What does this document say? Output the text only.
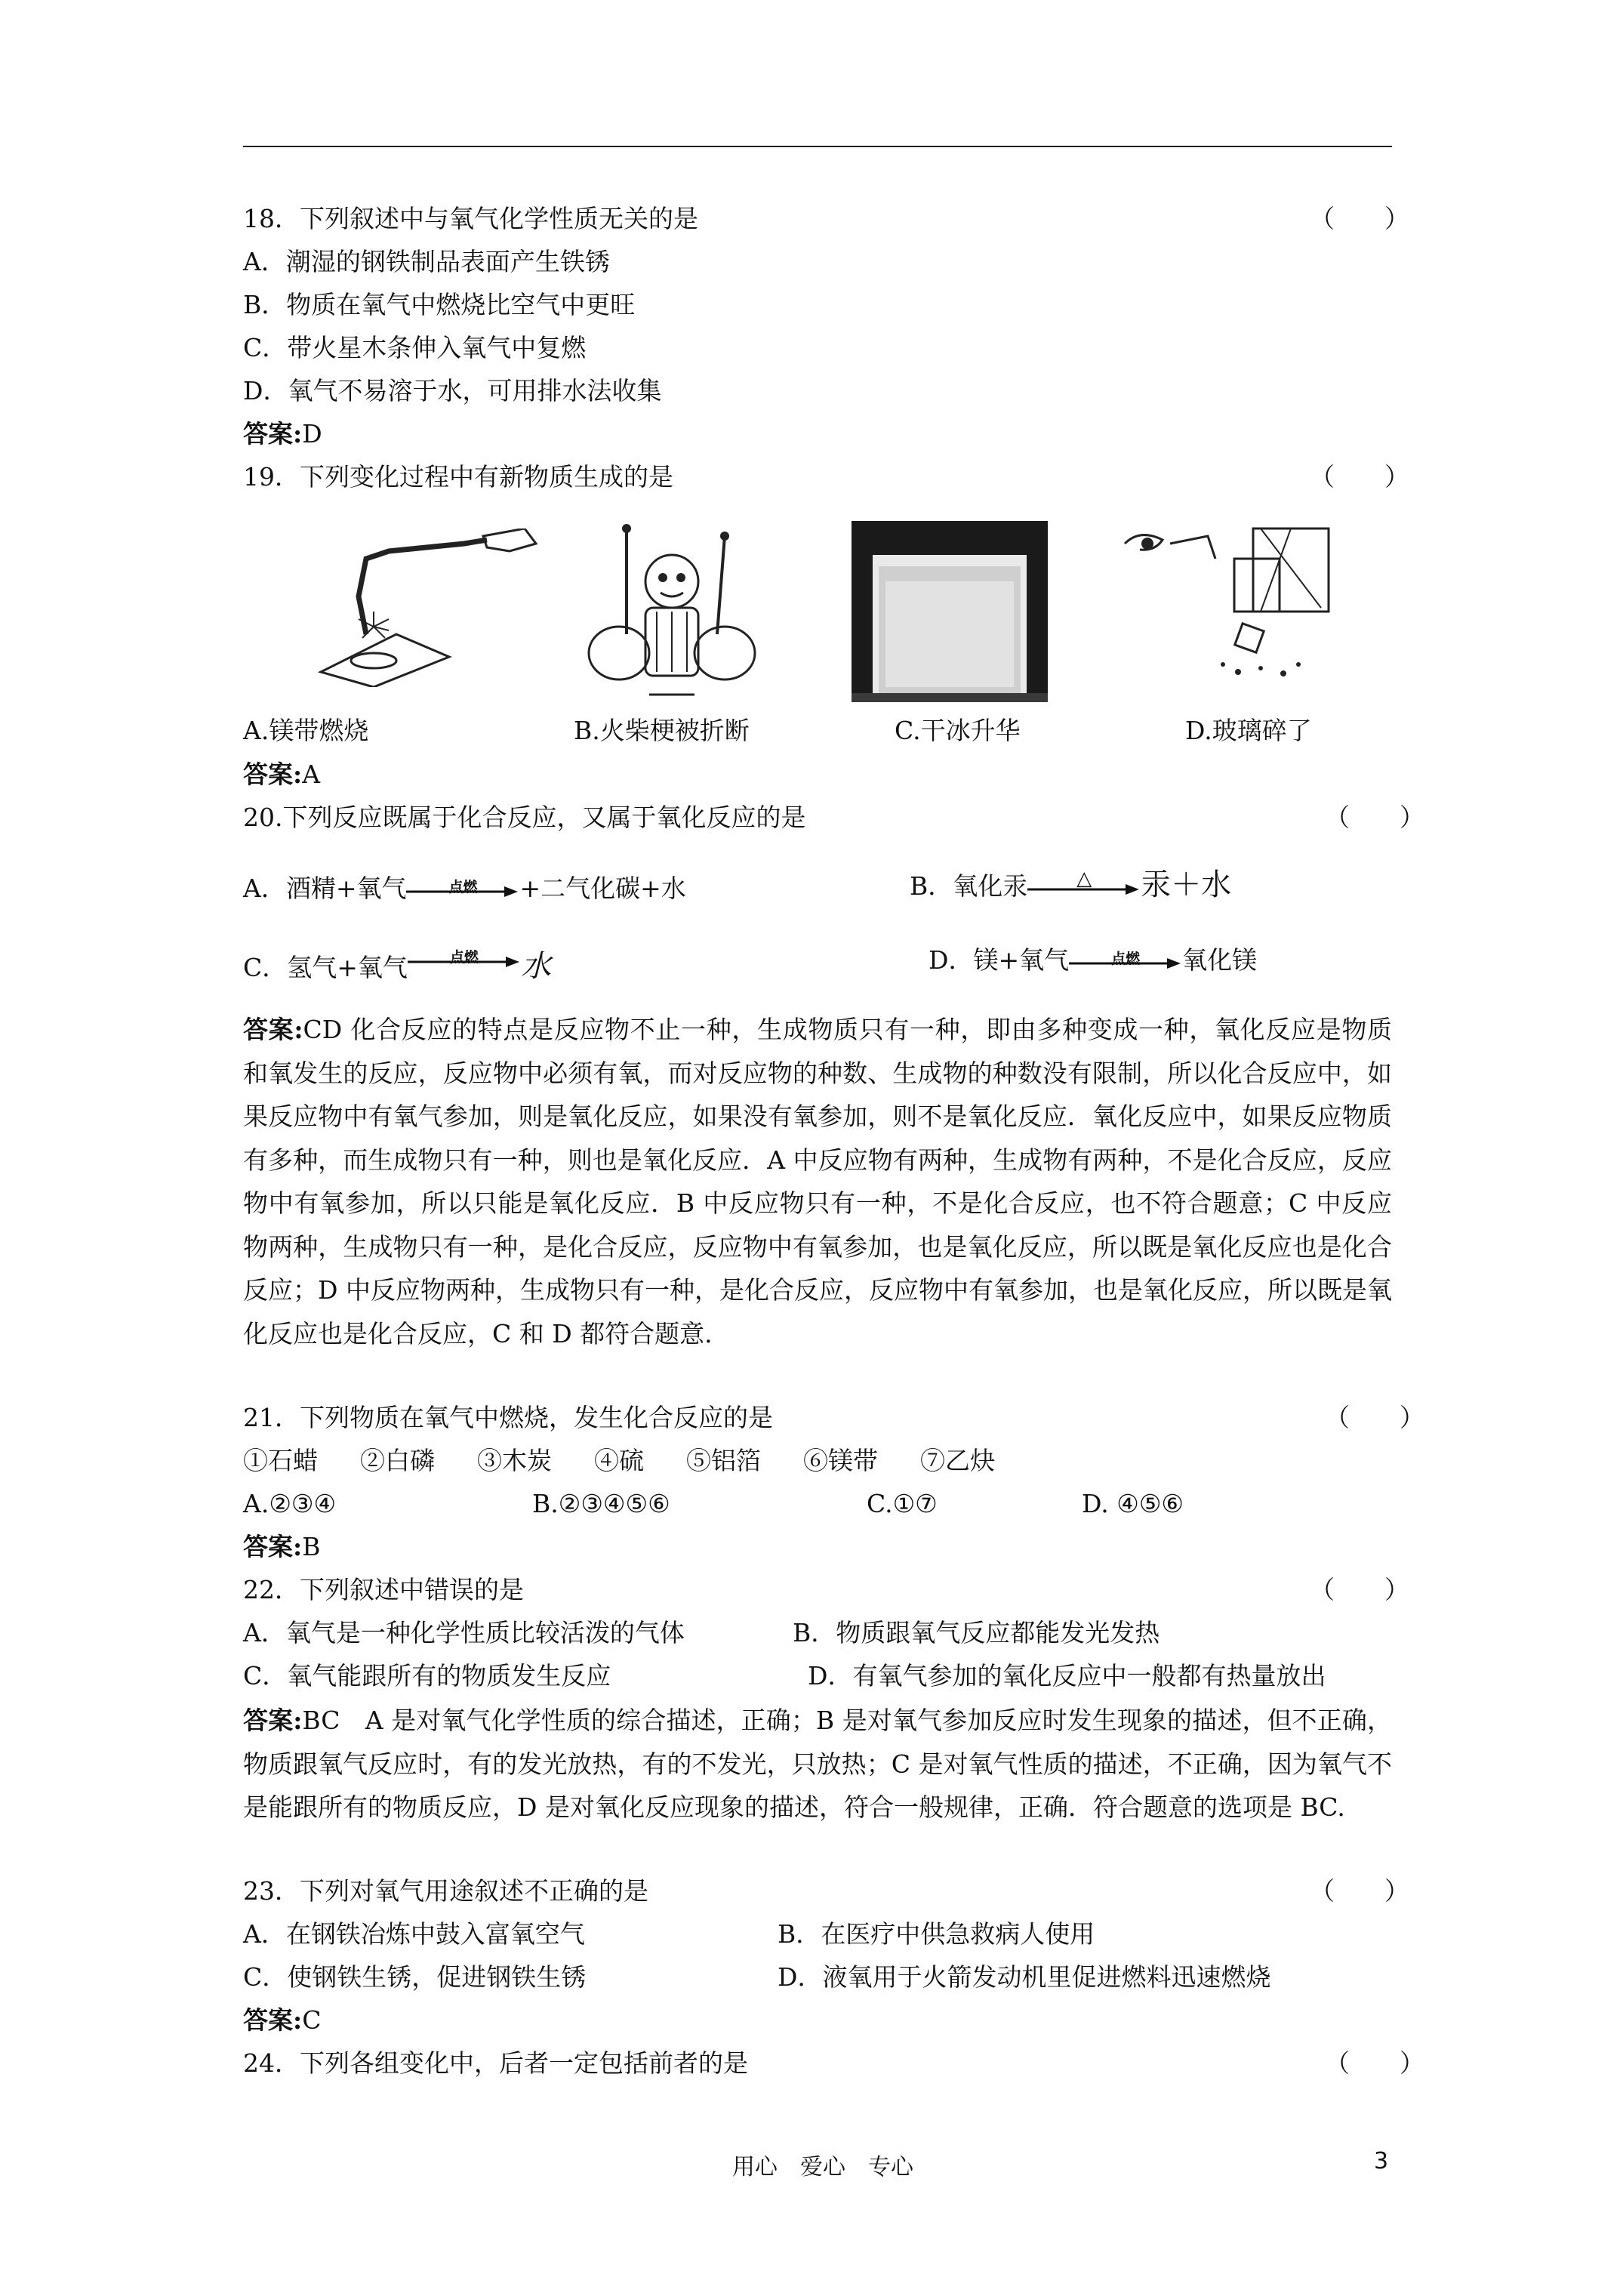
18．下列叙述中与氧气化学性质无关的是	（　　）
A．潮湿的钢铁制品表面产生铁锈
B．物质在氧气中燃烧比空气中更旺
C．带火星木条伸入氧气中复燃
D．氧气不易溶于水，可用排水法收集
答案:D
19．下列变化过程中有新物质生成的是	（　　）
A.镁带燃烧	B.火柴梗被折断	C.干冰升华	D.玻璃碎了
答案:A
20.下列反应既属于化合反应，又属于氧化反应的是	（　　）
A．酒精+氧气	点燃	+二气化碳+水	B．氧化汞	△	汞＋水
C．氢气+氧气	点燃	水	D．镁+氧气	点燃	氧化镁
答案:CD 化合反应的特点是反应物不止一种，生成物质只有一种，即由多种变成一种，氧化反应是物质和氧发生的反应，反应物中必须有氧，而对反应物的种数、生成物的种数没有限制，所以化合反应中，如果反应物中有氧气参加，则是氧化反应，如果没有氧参加，则不是氧化反应．氧化反应中，如果反应物质有多种，而生成物只有一种，则也是氧化反应．A 中反应物有两种，生成物有两种，不是化合反应，反应物中有氧参加，所以只能是氧化反应．B 中反应物只有一种，不是化合反应，也不符合题意；C 中反应物两种，生成物只有一种，是化合反应，反应物中有氧参加，也是氧化反应，所以既是氧化反应也是化合反应；D 中反应物两种，生成物只有一种，是化合反应，反应物中有氧参加，也是氧化反应，所以既是氧化反应也是化合反应，C 和 D 都符合题意.
21．下列物质在氧气中燃烧，发生化合反应的是	（　　）
①石蜡 ②白磷 ③木炭 ④硫 ⑤铝箔 ⑥镁带 ⑦乙炔
A.②③④	B.②③④⑤⑥	C.①⑦	D. ④⑤⑥
答案:B
22．下列叙述中错误的是	（　　）
A．氧气是一种化学性质比较活泼的气体	B．物质跟氧气反应都能发光发热
C．氧气能跟所有的物质发生反应	D．有氧气参加的氧化反应中一般都有热量放出
答案:BC　A 是对氧气化学性质的综合描述，正确；B 是对氧气参加反应时发生现象的描述，但不正确，物质跟氧气反应时，有的发光放热，有的不发光，只放热；C 是对氧气性质的描述，不正确，因为氧气不是能跟所有的物质反应，D 是对氧化反应现象的描述，符合一般规律，正确．符合题意的选项是 BC.
23．下列对氧气用途叙述不正确的是	（　　）
A．在钢铁冶炼中鼓入富氧空气	B．在医疗中供急救病人使用
C．使钢铁生锈，促进钢铁生锈	D．液氧用于火箭发动机里促进燃料迅速燃烧
答案:C
24．下列各组变化中，后者一定包括前者的是	（　　）
用心　爱心　专心	3
